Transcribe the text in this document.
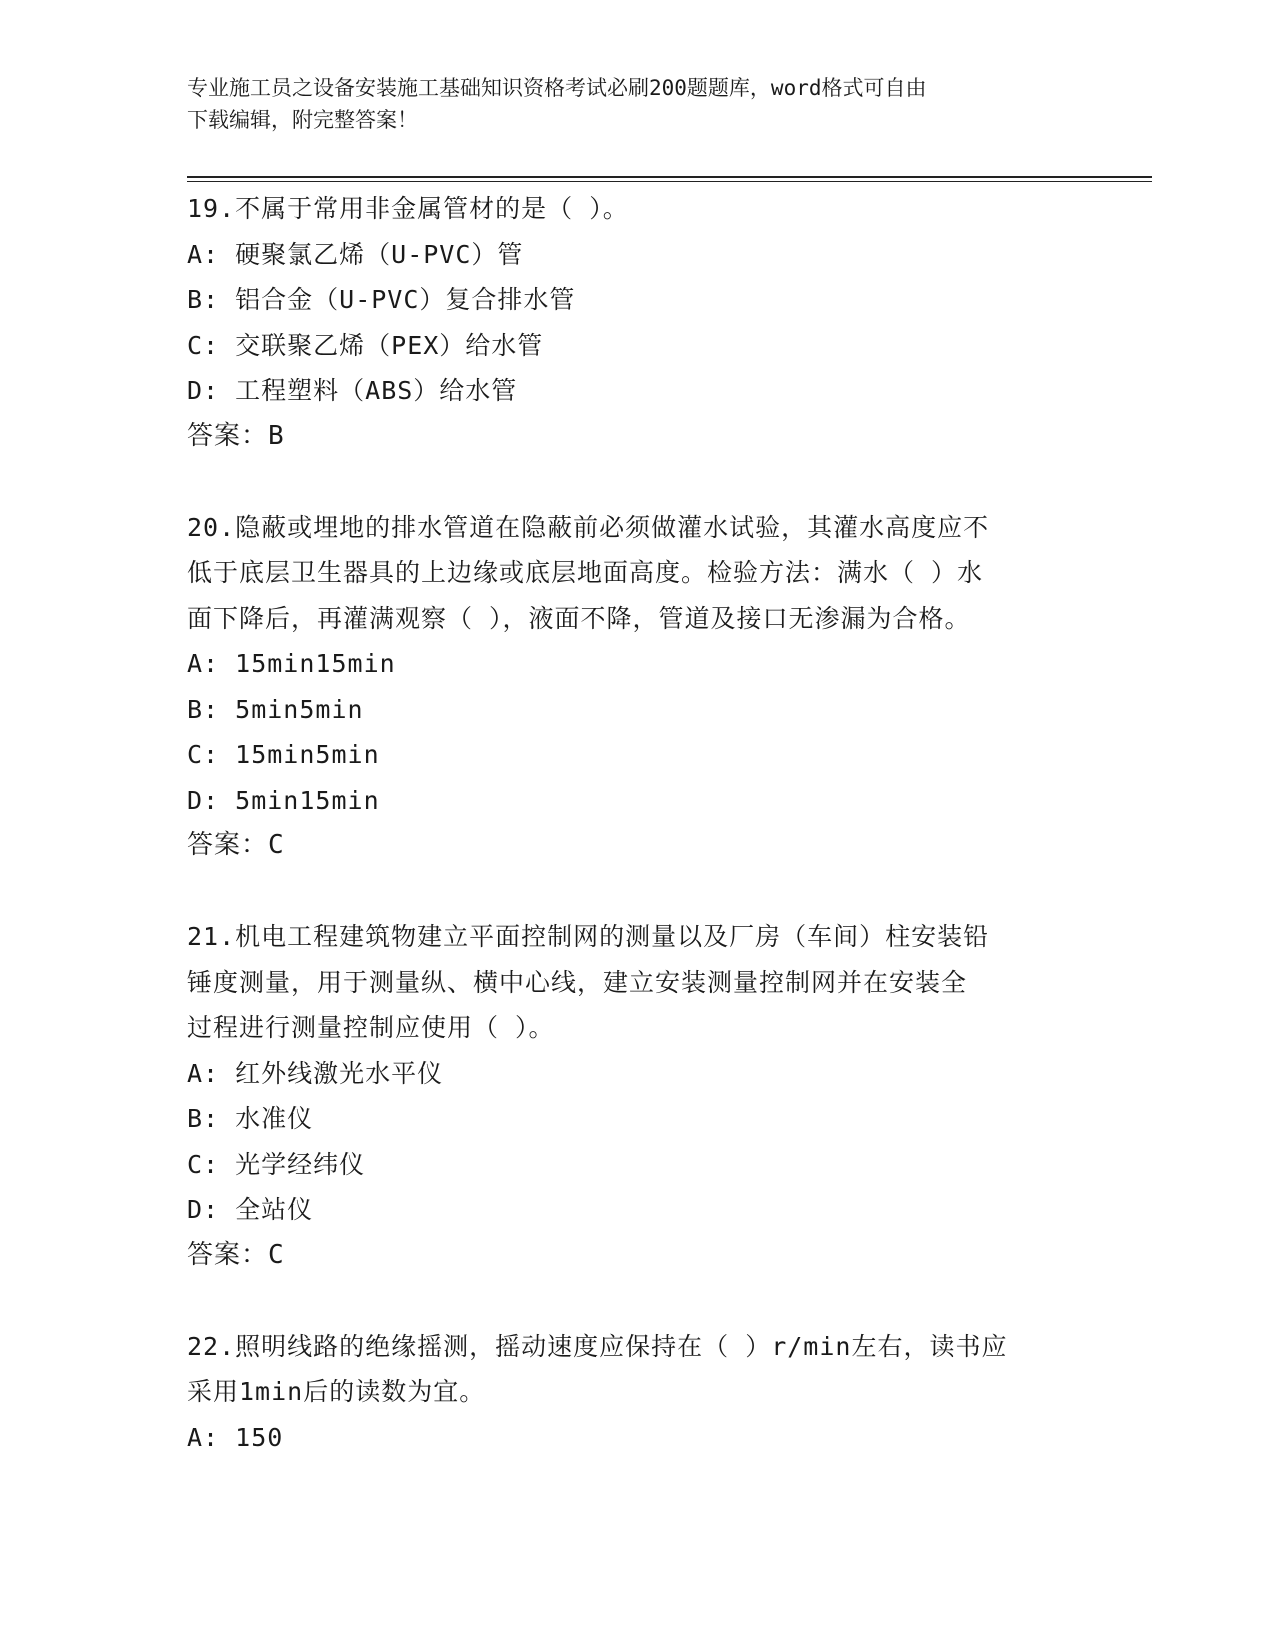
专业施工员之设备安装施工基础知识资格考试必刷200题题库，word格式可自由
下载编辑，附完整答案！
19.不属于常用非金属管材的是（ ）。
A: 硬聚氯乙烯（U-PVC）管
B: 铝合金（U-PVC）复合排水管
C: 交联聚乙烯（PEX）给水管
D: 工程塑料（ABS）给水管
答案：B
20.隐蔽或埋地的排水管道在隐蔽前必须做灌水试验，其灌水高度应不
低于底层卫生器具的上边缘或底层地面高度。检验方法：满水（ ）水
面下降后，再灌满观察（ ），液面不降，管道及接口无渗漏为合格。
A: 15min15min
B: 5min5min
C: 15min5min
D: 5min15min
答案：C
21.机电工程建筑物建立平面控制网的测量以及厂房（车间）柱安装铅
锤度测量，用于测量纵、横中心线，建立安装测量控制网并在安装全
过程进行测量控制应使用（ ）。
A: 红外线激光水平仪
B: 水准仪
C: 光学经纬仪
D: 全站仪
答案：C
22.照明线路的绝缘摇测，摇动速度应保持在（ ）r/min左右，读书应
采用1min后的读数为宜。
A: 150
